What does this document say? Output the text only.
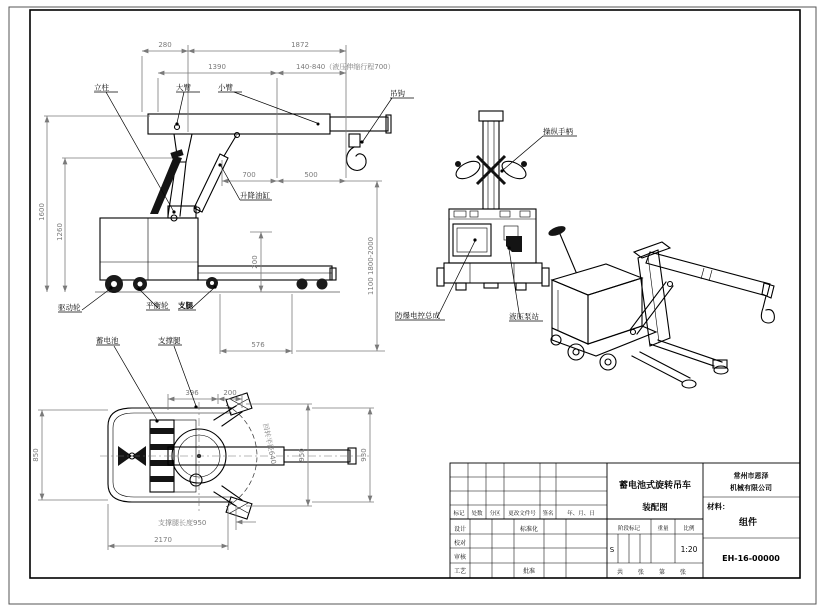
280	1872
1390	140-840（液压伸缩行程700）
700	500
1600
1260
1100 1800-2000
200
576
立柱	大臂	小臂
吊钩
升降油缸
驱动轮	平衡轮 支腿
操纵手柄
防爆电控总成	液压泵站
回转半径640
396	200
850	950	930
2170
支撑腿长度950
蓄电池	支撑腿
标记 处数 分区 更改文件号 签名 年、月、日
设计	标准化
校对
审核
工艺	批准
蓄电池式旋转吊车
装配图
阶段标记	重量	比例
S	1:20
共 张 第 张
常州市恩泽
机械有限公司
材料：
组件
EH-16-00000
